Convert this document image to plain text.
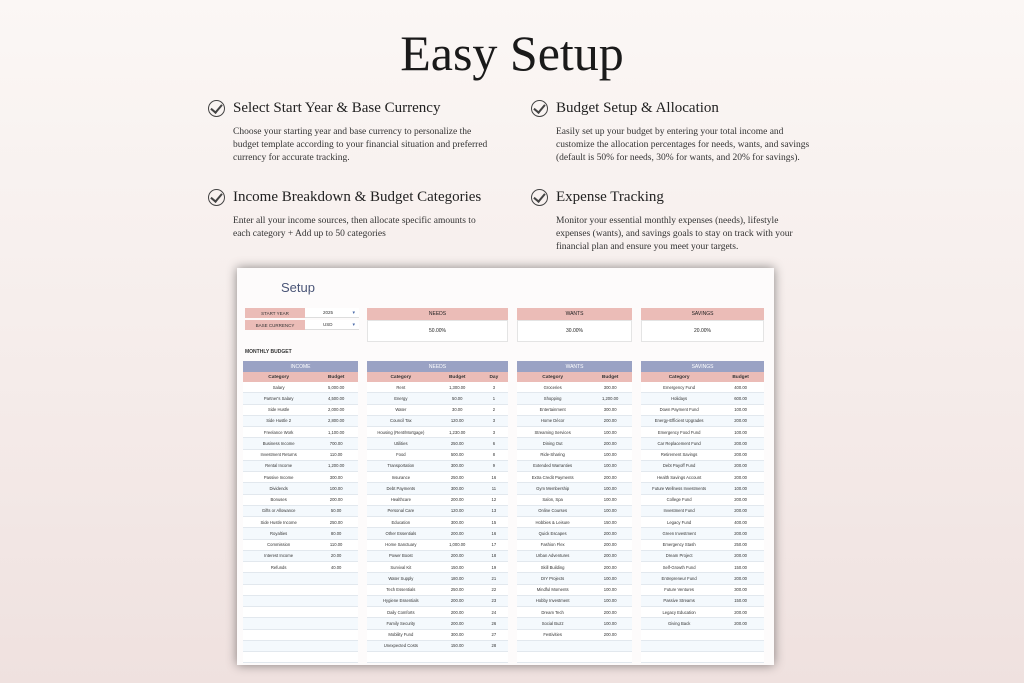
Easy Setup
Select Start Year & Base Currency
Choose your starting year and base currency to personalize the budget template according to your financial situation and preferred currency for accurate tracking.
Budget Setup & Allocation
Easily set up your budget by entering your total income and customize the allocation percentages for needs, wants, and savings (default is 50% for needs, 30% for wants, and 20% for savings).
Income Breakdown & Budget Categories
Enter all your income sources, then allocate specific amounts to each category + Add up to 50 categories
Expense Tracking
Monitor your essential monthly expenses (needs), lifestyle expenses (wants), and savings goals to stay on track with your financial plan and ensure you meet your targets.
Setup
START YEAR	2025 ▾
BASE CURRENCY	USD ▾
NEEDS
50.00%
WANTS
30.00%
SAVINGS
20.00%
MONTHLY BUDGET
INCOME
Category	Budget
Salary	5,000.00
Partner's Salary	4,500.00
Side Hustle	2,000.00
Side Hustle 2	2,800.00
Freelance Work	1,100.00
Business Income	700.00
Investment Returns	110.00
Rental Income	1,200.00
Passive Income	300.00
Dividends	100.00
Bonuses	200.00
Gifts or Allowance	50.00
Side Hustle Income	250.00
Royalties	80.00
Commission	110.00
Interest Income	20.00
Refunds	40.00
NEEDS
Category	Budget	Day
Rent	1,300.00	3
Energy	50.00	1
Water	30.00	2
Council Tax	120.00	3
Housing (Rent/Mortgage)	1,230.00	3
Utilities	250.00	6
Food	500.00	8
Transportation	300.00	9
Insurance	250.00	16
Debt Payments	300.00	11
Healthcare	200.00	12
Personal Care	120.00	13
Education	300.00	15
Other Essentials	200.00	16
Home Sanctuary	1,000.00	17
Power Boost	200.00	18
Survival Kit	150.00	19
Water Supply	180.00	21
Tech Essentials	250.00	22
Hygiene Essentials	200.00	23
Daily Comforts	200.00	24
Family Security	200.00	26
Mobility Fund	300.00	27
Unexpected Costs	150.00	28
WANTS
Category	Budget
Groceries	300.00
Shopping	1,200.00
Entertainment	300.00
Home Décor	200.00
Streaming Services	100.00
Dining Out	200.00
Ride-Sharing	100.00
Extended Warranties	100.00
Extra Credit Payments	200.00
Gym Membership	100.00
Salon, Spa	100.00
Online Courses	100.00
Hobbies & Leisure	150.00
Quick Escapes	200.00
Fashion Flex	200.00
Urban Adventures	200.00
Skill Building	200.00
DIY Projects	100.00
Mindful Moments	100.00
Hobby Investment	100.00
Dream Tech	200.00
Social Buzz	100.00
Festivities	200.00
SAVINGS
Category	Budget
Emergency Fund	400.00
Holidays	600.00
Down Payment Fund	100.00
Energy-Efficient Upgrades	200.00
Emergency Food Fund	100.00
Car Replacement Fund	200.00
Retirement Savings	200.00
Debt Payoff Fund	200.00
Health Savings Account	200.00
Future Wellness Investments	100.00
College Fund	200.00
Investment Fund	200.00
Legacy Fund	400.00
Green Investment	200.00
Emergency Stash	250.00
Dream Project	200.00
Self-Growth Fund	150.00
Entrepreneur Fund	200.00
Future Ventures	300.00
Passive Streams	150.00
Legacy Education	200.00
Giving Back	200.00
